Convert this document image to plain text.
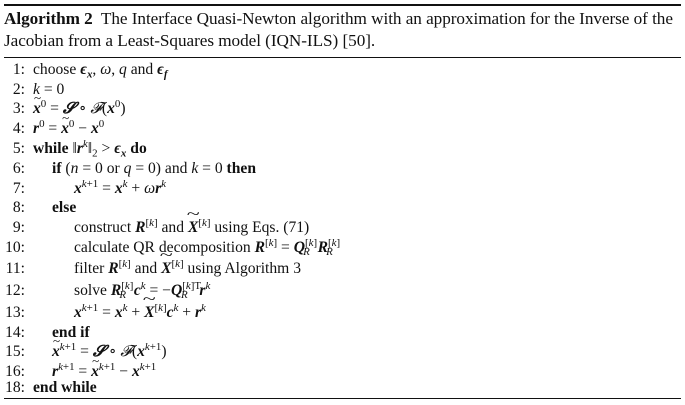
Algorithm 2 The Interface Quasi-Newton algorithm with an approximation for the Inverse of the Jacobian from a Least-Squares model (IQN-ILS) [50].
1: choose $\epsilon_x$, ω, q and $\epsilon_f$
2: k = 0
3: ~ $x^0$ = 𝓢 ∘ $𝓕(x^0)$
4: $r^0$ = ~ $x^0 - x^0$
5: while $‖r^k‖_2 > \epsilon_x$ do
6: if (n = 0 or q = 0) and k = 0 then
7:	$x^{k+1} = x^k + \omega r^k$
8: else
9:	construct R[k] and ~ X[k] using Eqs. (71)
10:	calculate QR decomposition $R[k] = Q[k]_R$ $R[k]_R$
11:	filter R[k] and ~ X[k] using Algorithm 3
12:	solve $R[k]_R$ $c^k = -Q^{[k]T}_R$ $r^k$
13:	$x^{k+1} = x^k$ + ~ $X[k]c^k + r^k$
14: end if
15: ~ $x^{k+1}$ = 𝓢 ∘ $𝓕(x^{k+1})$
16: $r^{k+1}$ = ~ $x^{k+1} - x^{k+1}$
18: end while
